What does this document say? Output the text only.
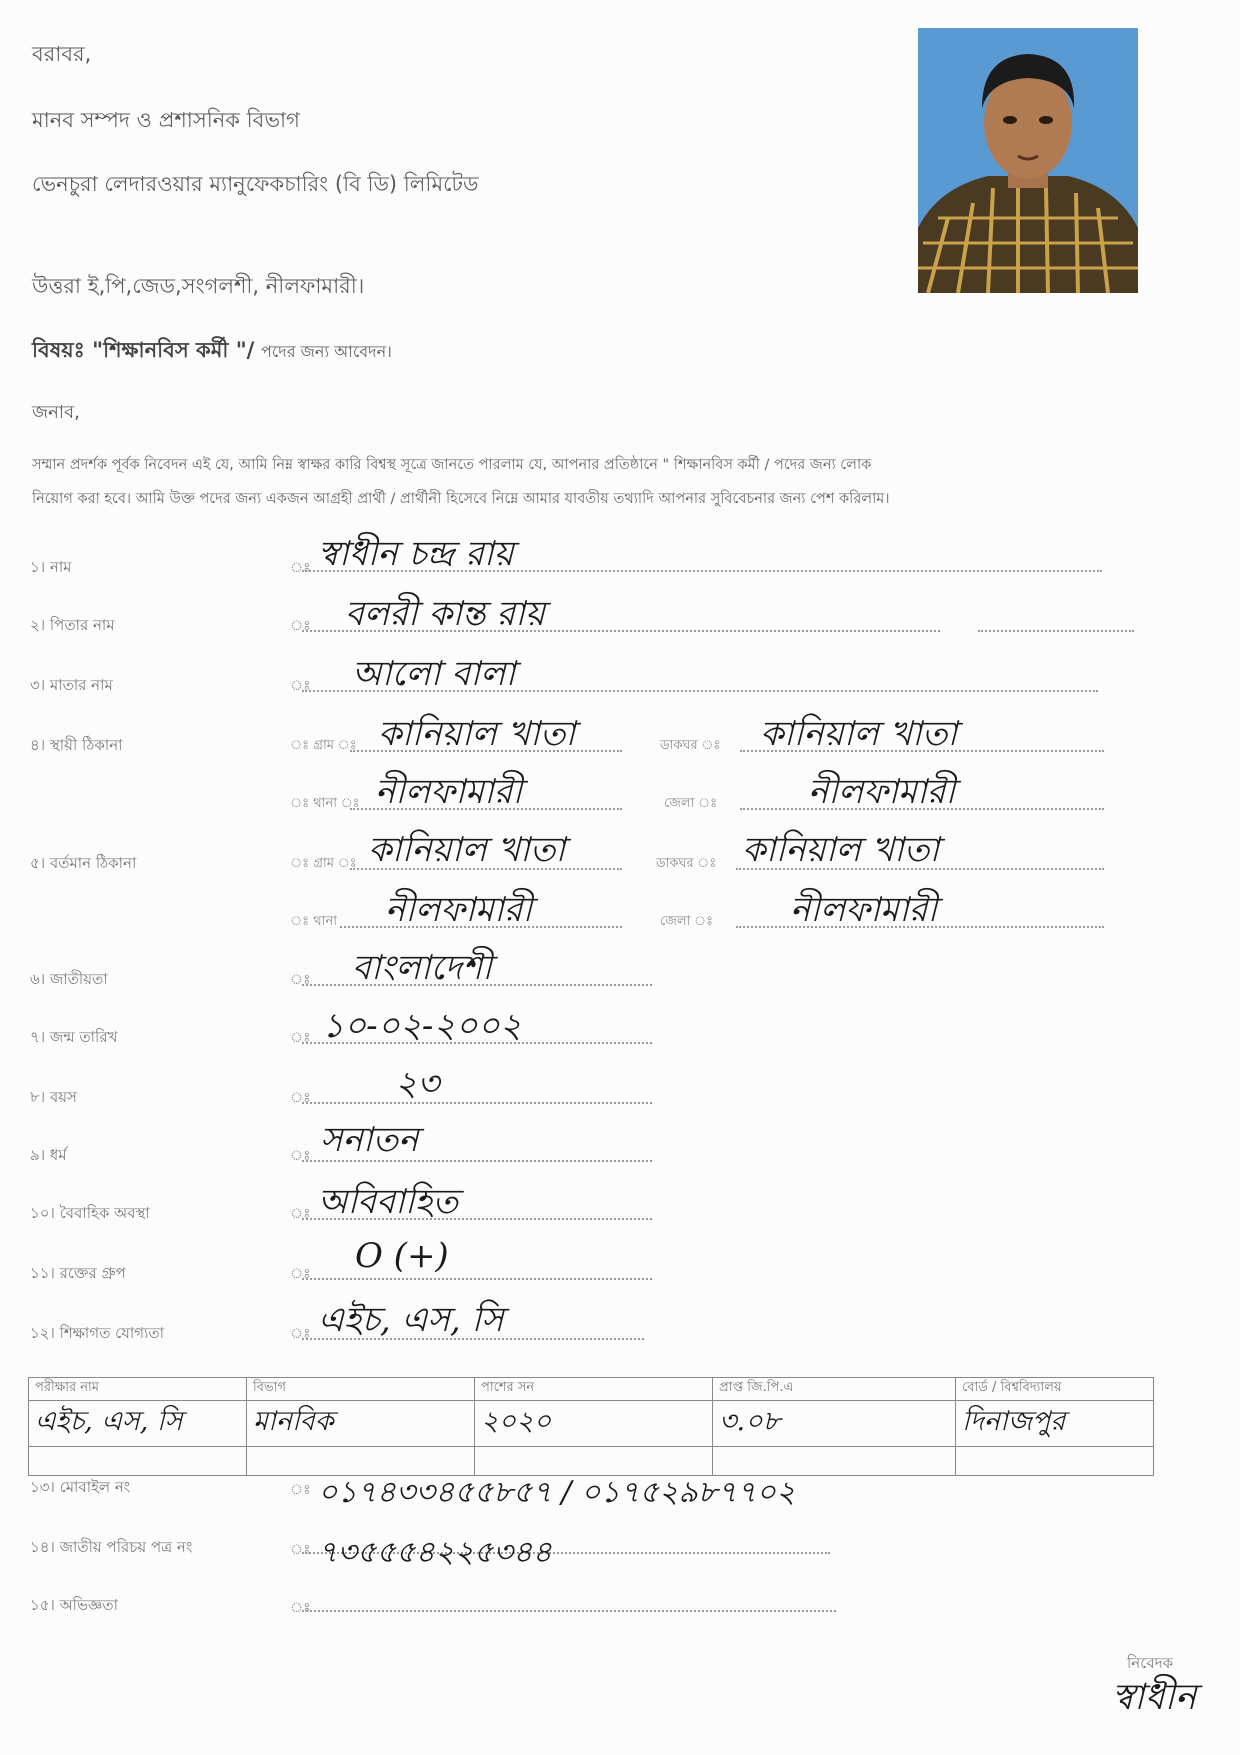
বরাবর,
মানব সম্পদ ও প্রশাসনিক বিভাগ
ভেনচুরা লেদারওয়ার ম্যানুফেকচারিং (বি ডি) লিমিটেড
উত্তরা ই,পি,জেড,সংগলশী, নীলফামারী।
বিষয়ঃ "শিক্ষানবিস কর্মী "/ পদের জন্য আবেদন।
জনাব,
সম্মান প্রদর্শক পূর্বক নিবেদন এই যে, আমি নিম্ন স্বাক্ষর কারি বিশ্বস্থ সূত্রে জানতে পারলাম যে, আপনার প্রতিষ্ঠানে " শিক্ষানবিস কর্মী / পদের জন্য লোক
নিয়োগ করা হবে। আমি উক্ত পদের জন্য একজন আগ্রহী প্রার্থী / প্রার্থীনী হিসেবে নিম্নে আমার যাবতীয় তথ্যাদি আপনার সুবিবেচনার জন্য পেশ করিলাম।
১। নাম	ঃ স্বাধীন চন্দ্র রায়
২। পিতার নাম	ঃ বলরী কান্ত রায়
৩। মাতার নাম	ঃ আলো বালা
৪। স্থায়ী ঠিকানা	ঃ গ্রাম ঃ কানিয়াল খাতা	ডাকঘর ঃ কানিয়াল খাতা
ঃ থানা ঃ নীলফামারী	জেলা ঃ	নীলফামারী
৫। বর্তমান ঠিকানা	ঃ গ্রাম ঃ কানিয়াল খাতা	ডাকঘর ঃ কানিয়াল খাতা
ঃ থানা নীলফামারী	জেলা ঃ নীলফামারী
৬। জাতীয়তা	ঃ বাংলাদেশী
৭। জন্ম তারিখ	ঃ ১০-০২-২০০২
৮। বয়স	ঃ ২৩
৯। ধর্ম	ঃ সনাতন
১০। বৈবাহিক অবস্থা	ঃ অবিবাহিত
১১। রক্তের গ্রুপ	ঃ O (+)
১২। শিক্ষাগত যোগ্যতা	ঃ এইচ, এস, সি
পরীক্ষার নাম	বিভাগ	পাশের সন	প্রাপ্ত জি.পি.এ	বোর্ড / বিশ্ববিদ্যালয়
এইচ, এস, সি	মানবিক	২০২০	৩.০৮	দিনাজপুর

১৩। মোবাইল নং	ঃ ০১৭৪৩৩৪৫৫৮৫৭ / ০১৭৫২৯৮৭৭০২
১৪। জাতীয় পরিচয় পত্র নং	ঃ ৭৩৫৫৫৪২২৫৩৪৪
১৫। অভিজ্ঞতা	ঃ
নিবেদক
স্বাধীন
